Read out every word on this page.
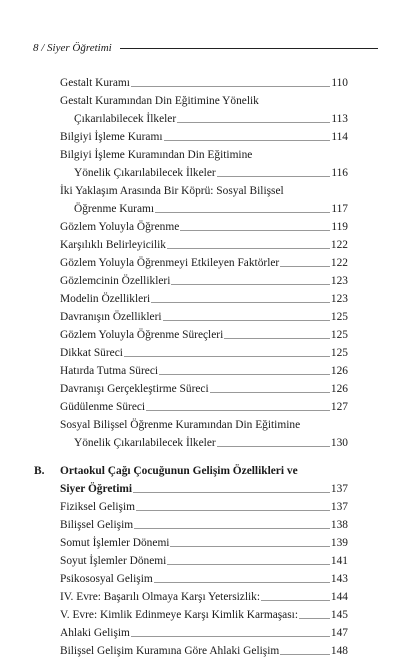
8 / Siyer Öğretimi
Gestalt Kuramı	110
Gestalt Kuramından Din Eğitimine Yönelik
Çıkarılabilecek İlkeler	113
Bilgiyi İşleme Kuramı	114
Bilgiyi İşleme Kuramından Din Eğitimine
Yönelik Çıkarılabilecek İlkeler	116
İki Yaklaşım Arasında Bir Köprü: Sosyal Bilişsel
Öğrenme Kuramı	117
Gözlem Yoluyla Öğrenme	119
Karşılıklı Belirleyicilik	122
Gözlem Yoluyla Öğrenmeyi Etkileyen Faktörler	122
Gözlemcinin Özellikleri	123
Modelin Özellikleri	123
Davranışın Özellikleri	125
Gözlem Yoluyla Öğrenme Süreçleri	125
Dikkat Süreci	125
Hatırda Tutma Süreci	126
Davranışı Gerçekleştirme Süreci	126
Güdülenme Süreci	127
Sosyal Bilişsel Öğrenme Kuramından Din Eğitimine
Yönelik Çıkarılabilecek İlkeler	130
B. Ortaokul Çağı Çocuğunun Gelişim Özellikleri ve
Siyer Öğretimi	137
Fiziksel Gelişim	137
Bilişsel Gelişim	138
Somut İşlemler Dönemi	139
Soyut İşlemler Dönemi	141
Psikososyal Gelişim	143
IV. Evre: Başarılı Olmaya Karşı Yetersizlik:	144
V. Evre: Kimlik Edinmeye Karşı Kimlik Karmaşası:	145
Ahlaki Gelişim	147
Bilişsel Gelişim Kuramına Göre Ahlaki Gelişim	148
